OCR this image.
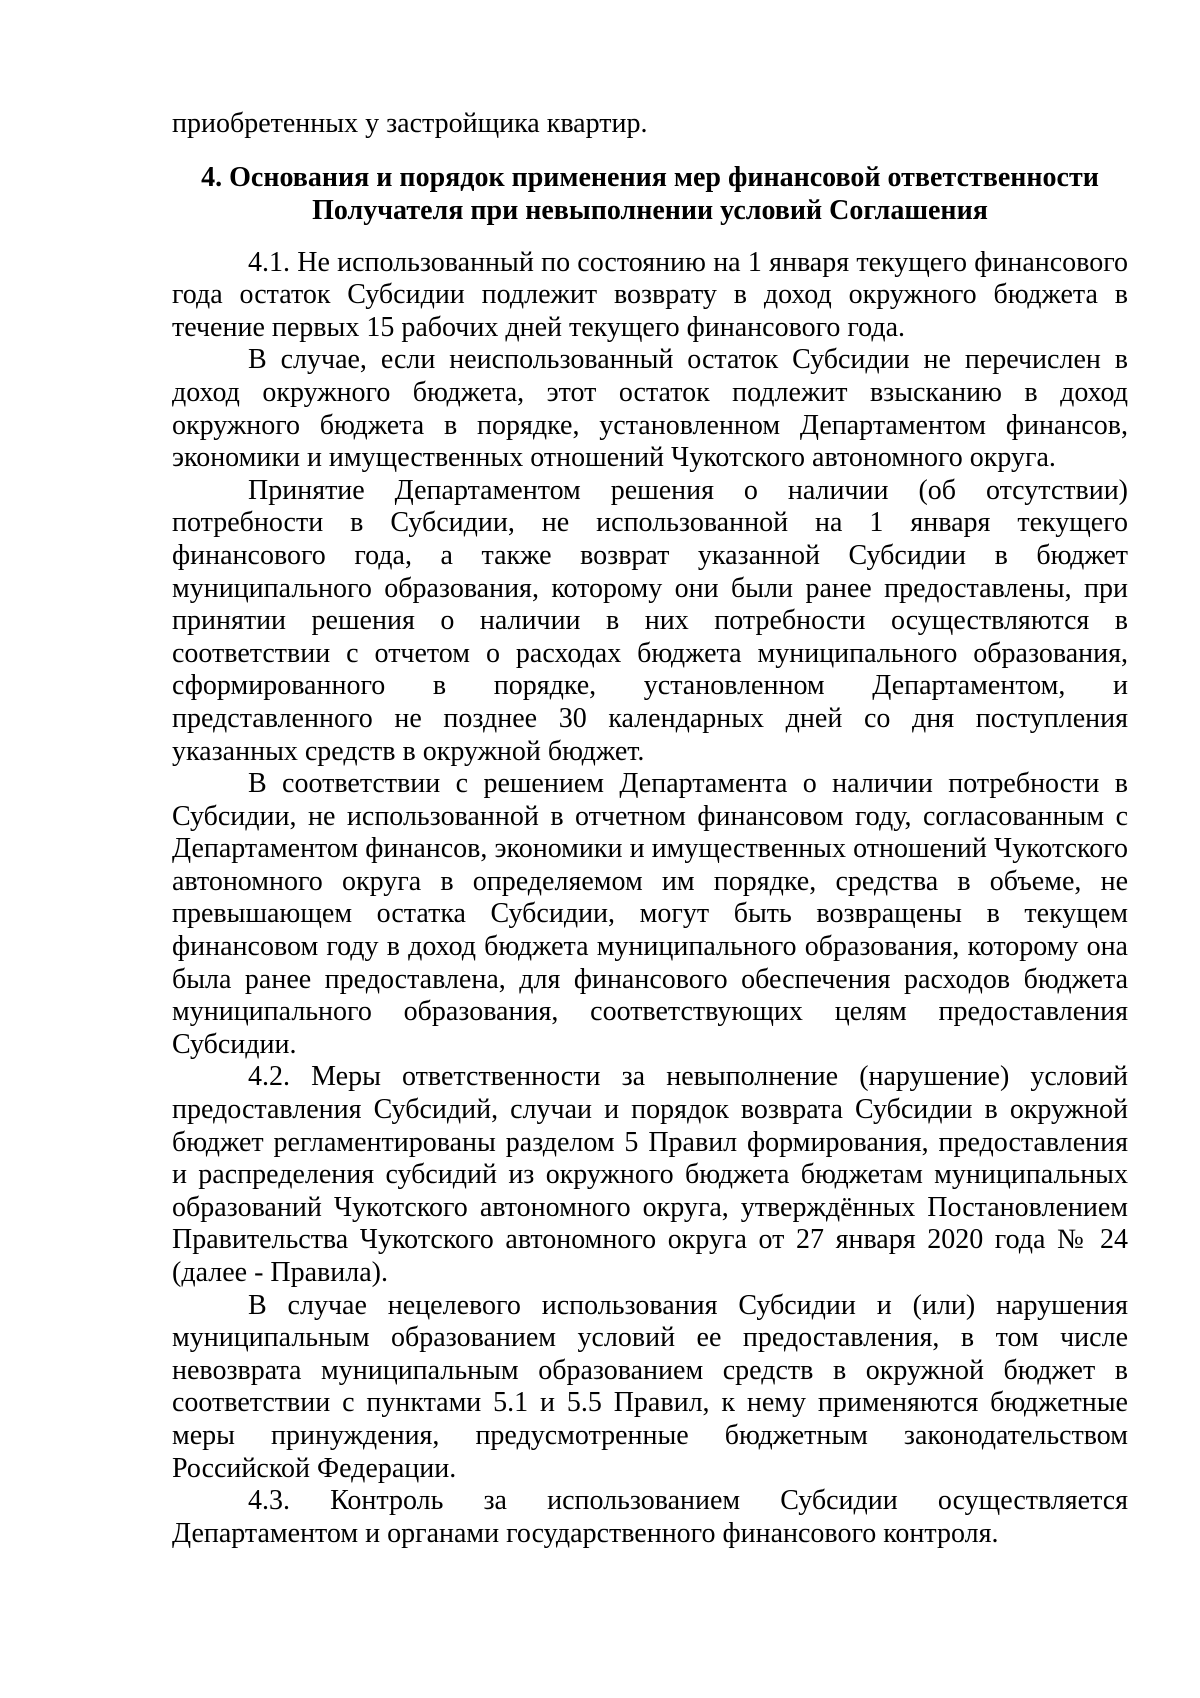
приобретенных у застройщика квартир.

4. Основания и порядок применения мер финансовой ответственности
Получателя при невыполнении условий Соглашения

4.1. Не использованный по состоянию на 1 января текущего финансового года остаток Субсидии подлежит возврату в доход окружного бюджета в течение первых 15 рабочих дней текущего финансового года.

В случае, если неиспользованный остаток Субсидии не перечислен в доход окружного бюджета, этот остаток подлежит взысканию в доход окружного бюджета в порядке, установленном Департаментом финансов, экономики и имущественных отношений Чукотского автономного округа.

Принятие Департаментом решения о наличии (об отсутствии) потребности в Субсидии, не использованной на 1 января текущего финансового года, а также возврат указанной Субсидии в бюджет муниципального образования, которому они были ранее предоставлены, при принятии решения о наличии в них потребности осуществляются в соответствии с отчетом о расходах бюджета муниципального образования, сформированного в порядке, установленном Департаментом, и представленного не позднее 30 календарных дней со дня поступления указанных средств в окружной бюджет.

В соответствии с решением Департамента о наличии потребности в Субсидии, не использованной в отчетном финансовом году, согласованным с Департаментом финансов, экономики и имущественных отношений Чукотского автономного округа в определяемом им порядке, средства в объеме, не превышающем остатка Субсидии, могут быть возвращены в текущем финансовом году в доход бюджета муниципального образования, которому она была ранее предоставлена, для финансового обеспечения расходов бюджета муниципального образования, соответствующих целям предоставления Субсидии.

4.2. Меры ответственности за невыполнение (нарушение) условий предоставления Субсидий, случаи и порядок возврата Субсидии в окружной бюджет регламентированы разделом 5 Правил формирования, предоставления и распределения субсидий из окружного бюджета бюджетам муниципальных образований Чукотского автономного округа, утверждённых Постановлением Правительства Чукотского автономного округа от 27 января 2020 года № 24 (далее - Правила).

В случае нецелевого использования Субсидии и (или) нарушения муниципальным образованием условий ее предоставления, в том числе невозврата муниципальным образованием средств в окружной бюджет в соответствии с пунктами 5.1 и 5.5 Правил, к нему применяются бюджетные меры принуждения, предусмотренные бюджетным законодательством Российской Федерации.

4.3. Контроль за использованием Субсидии осуществляется Департаментом и органами государственного финансового контроля.
